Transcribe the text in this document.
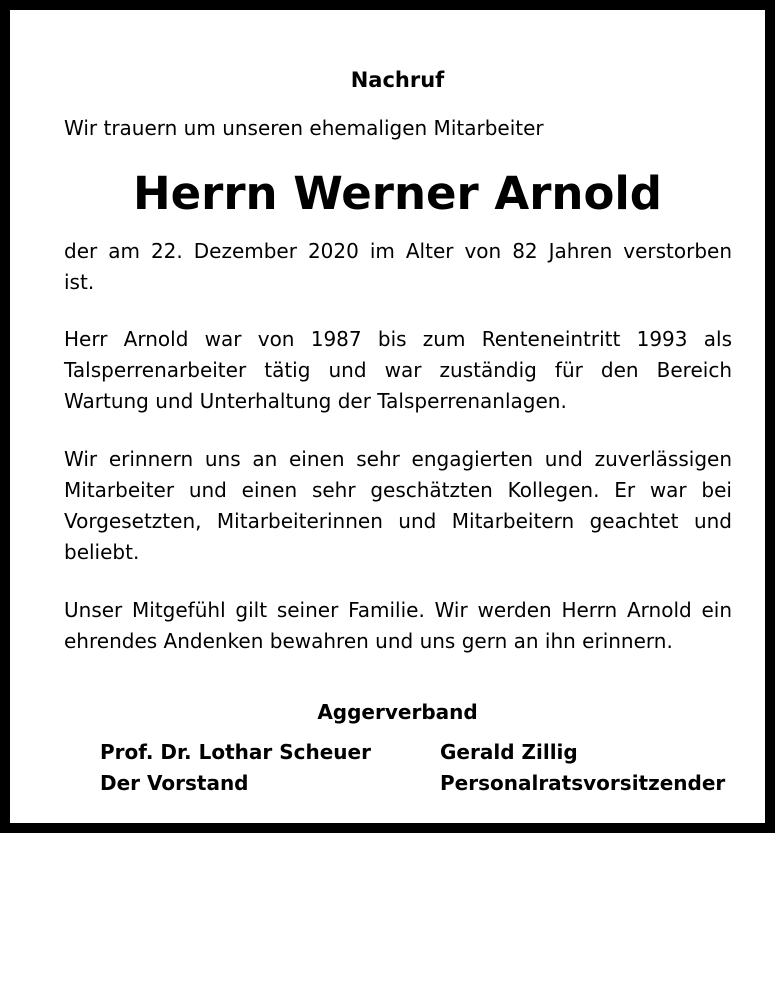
Nachruf
Wir trauern um unseren ehemaligen Mitarbeiter
Herrn Werner Arnold

der am 22. Dezember 2020 im Alter von 82 Jahren verstorben
ist.

Herr Arnold war von 1987 bis zum Renteneintritt 1993 als
Talsperrenarbeiter tätig und war zuständig für den Bereich
Wartung und Unterhaltung der Talsperrenanlagen.

Wir erinnern uns an einen sehr engagierten und zuverlässigen
Mitarbeiter und einen sehr geschätzten Kollegen. Er war bei
Vorgesetzten, Mitarbeiterinnen und Mitarbeitern geachtet und
beliebt.

Unser Mitgefühl gilt seiner Familie. Wir werden Herrn Arnold ein
ehrendes Andenken bewahren und uns gern an ihn erinnern.

Aggerverband
Prof. Dr. Lothar Scheuer
Der Vorstand
Gerald Zillig
Personalratsvorsitzender
